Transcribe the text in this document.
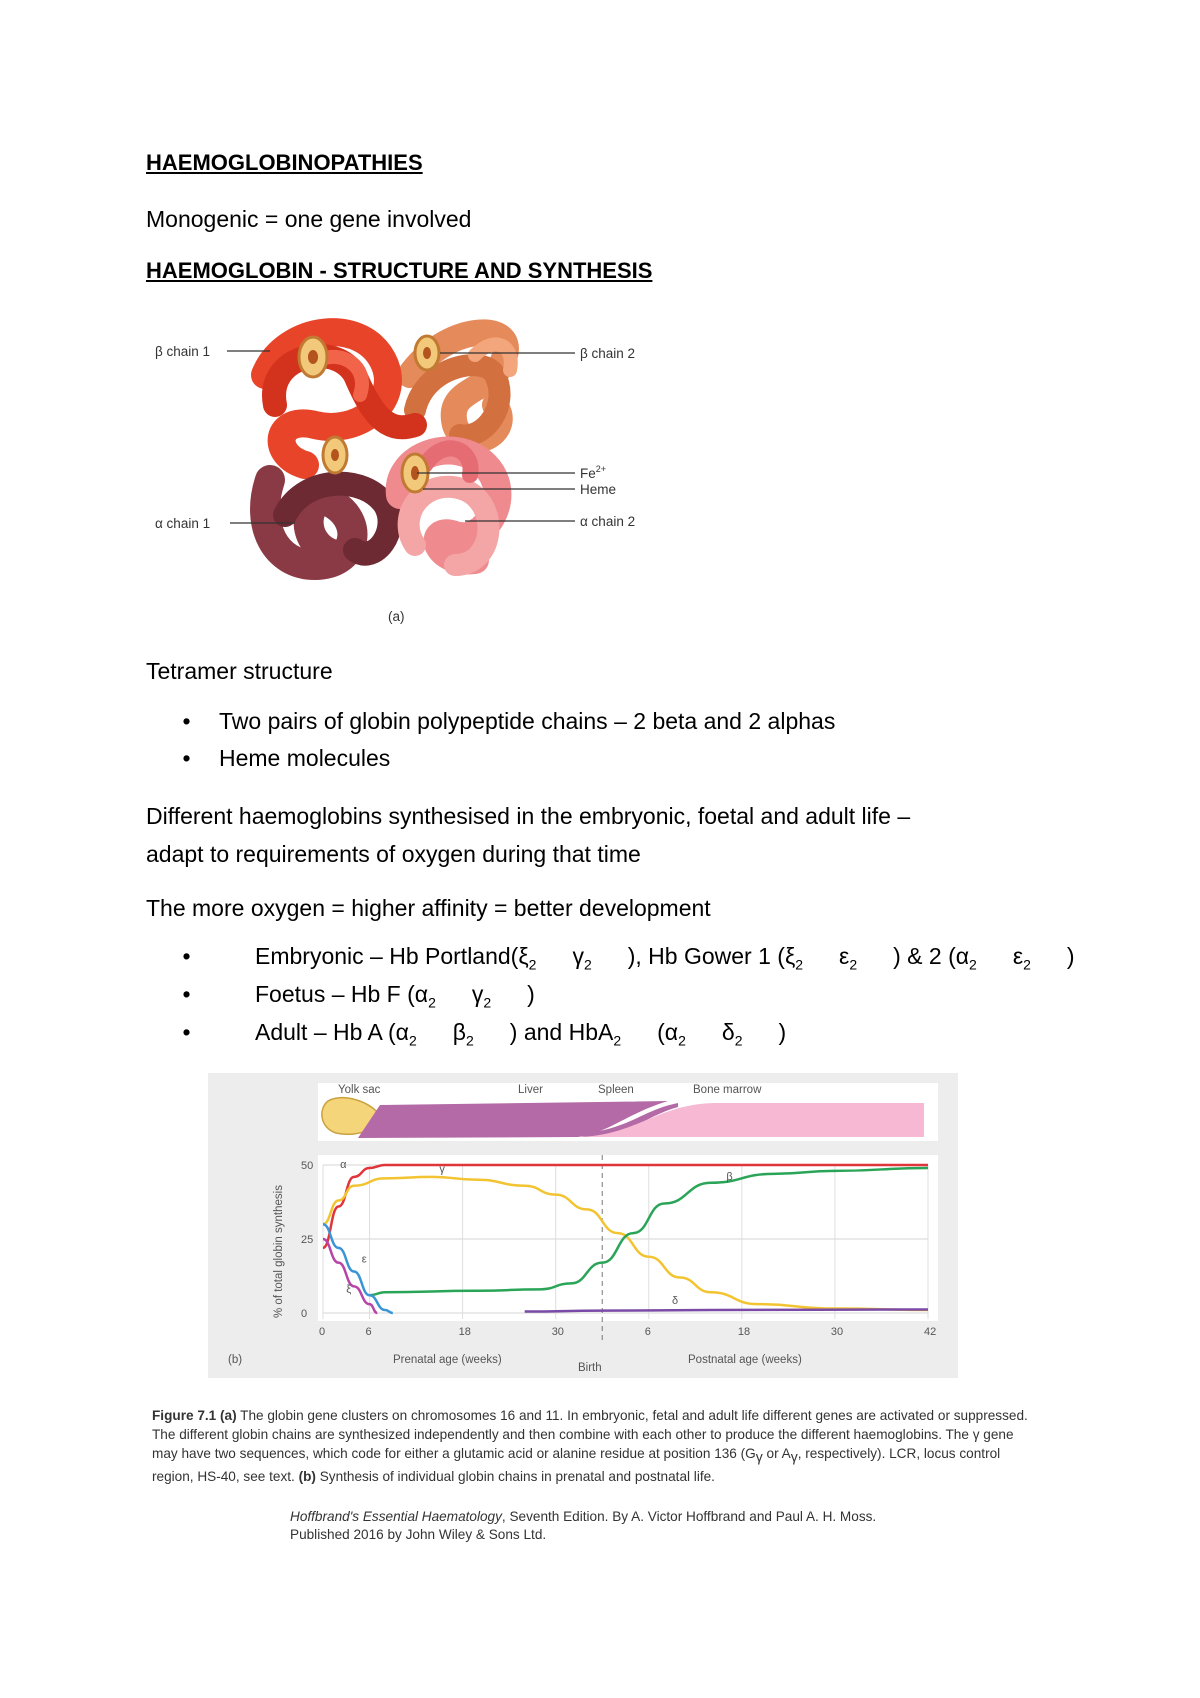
HAEMOGLOBINOPATHIES
Monogenic = one gene involved
HAEMOGLOBIN - STRUCTURE AND SYNTHESIS
β chain 1	β chain 2
$Fe^{2+}$
Heme
α chain 1	α chain 2
(a)
Tetramer structure
• Two pairs of globin polypeptide chains – 2 beta and 2 alphas
• Heme molecules
Different haemoglobins synthesised in the embryonic, foetal and adult life –
adapt to requirements of oxygen during that time
The more oxygen = higher affinity = better development
• Embryonic – Hb $Portland(\xi_2$ $\gamma_2$ ), Hb Gower 1 ($\xi_2$ $\varepsilon_2$ ) & 2 ($\alpha_2$ $\varepsilon_2$ )
• Foetus – Hb F ($\alpha_2$ $\gamma_2$ )
• Adult – Hb A ($\alpha_2$ $\beta_2$ ) and HbA$_2$ ($\alpha_2$ $\delta_2$ )
Yolk sac	Liver	Spleen	Bone marrow
α	γ
β
ε
ξ
δ
0
25
50
0	6	18	30	6	18	30	42
% of total globin synthesis
Prenatal age (weeks)	Postnatal age (weeks)
Birth
(b)
Figure 7.1 (a) The globin gene clusters on chromosomes 16 and 11. In embryonic, fetal and adult life different genes are activated or suppressed. The different globin chains are synthesized independently and then combine with each other to produce the different haemoglobins. The γ gene may have two sequences, which code for either a glutamic acid or alanine residue at position 136 ($G_\gamma$ or $A_\gamma$, respectively). LCR, locus control region, HS-40, see text. (b) Synthesis of individual globin chains in prenatal and postnatal life.
Hoffbrand's Essential Haematology, Seventh Edition. By A. Victor Hoffbrand and Paul A. H. Moss.
Published 2016 by John Wiley & Sons Ltd.
